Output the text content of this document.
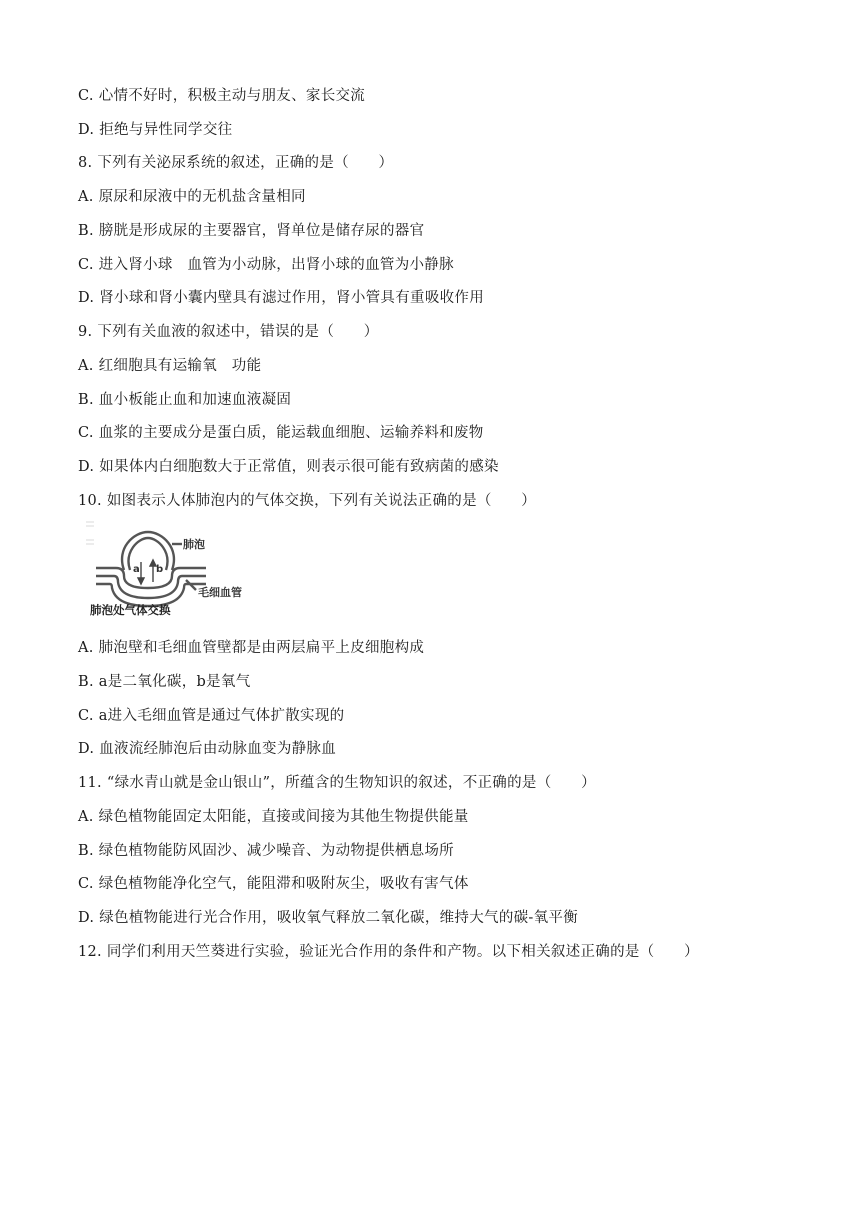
C. 心情不好时，积极主动与朋友、家长交流
D. 拒绝与异性同学交往
8. 下列有关泌尿系统的叙述，正确的是（　　）
A. 原尿和尿液中的无机盐含量相同
B. 膀胱是形成尿的主要器官，肾单位是储存尿的器官
C. 进入肾小球　血管为小动脉，出肾小球的血管为小静脉
D. 肾小球和肾小囊内壁具有滤过作用，肾小管具有重吸收作用
9. 下列有关血液的叙述中，错误的是（　　）
A. 红细胞具有运输氧　功能
B. 血小板能止血和加速血液凝固
C. 血浆的主要成分是蛋白质，能运载血细胞、运输养料和废物
D. 如果体内白细胞数大于正常值，则表示很可能有致病菌的感染
10. 如图表示人体肺泡内的气体交换，下列有关说法正确的是（　　）
a b
肺泡
毛细血管
肺泡处气体交换
A. 肺泡壁和毛细血管壁都是由两层扁平上皮细胞构成
B. a是二氧化碳，b是氧气
C. a进入毛细血管是通过气体扩散实现的
D. 血液流经肺泡后由动脉血变为静脉血
11. “绿水青山就是金山银山”，所蕴含的生物知识的叙述，不正确的是（　　）
A. 绿色植物能固定太阳能，直接或间接为其他生物提供能量
B. 绿色植物能防风固沙、减少噪音、为动物提供栖息场所
C. 绿色植物能净化空气，能阻滞和吸附灰尘，吸收有害气体
D. 绿色植物能进行光合作用，吸收氧气释放二氧化碳，维持大气的碳-氧平衡
12. 同学们利用天竺葵进行实验，验证光合作用的条件和产物。以下相关叙述正确的是（　　）
